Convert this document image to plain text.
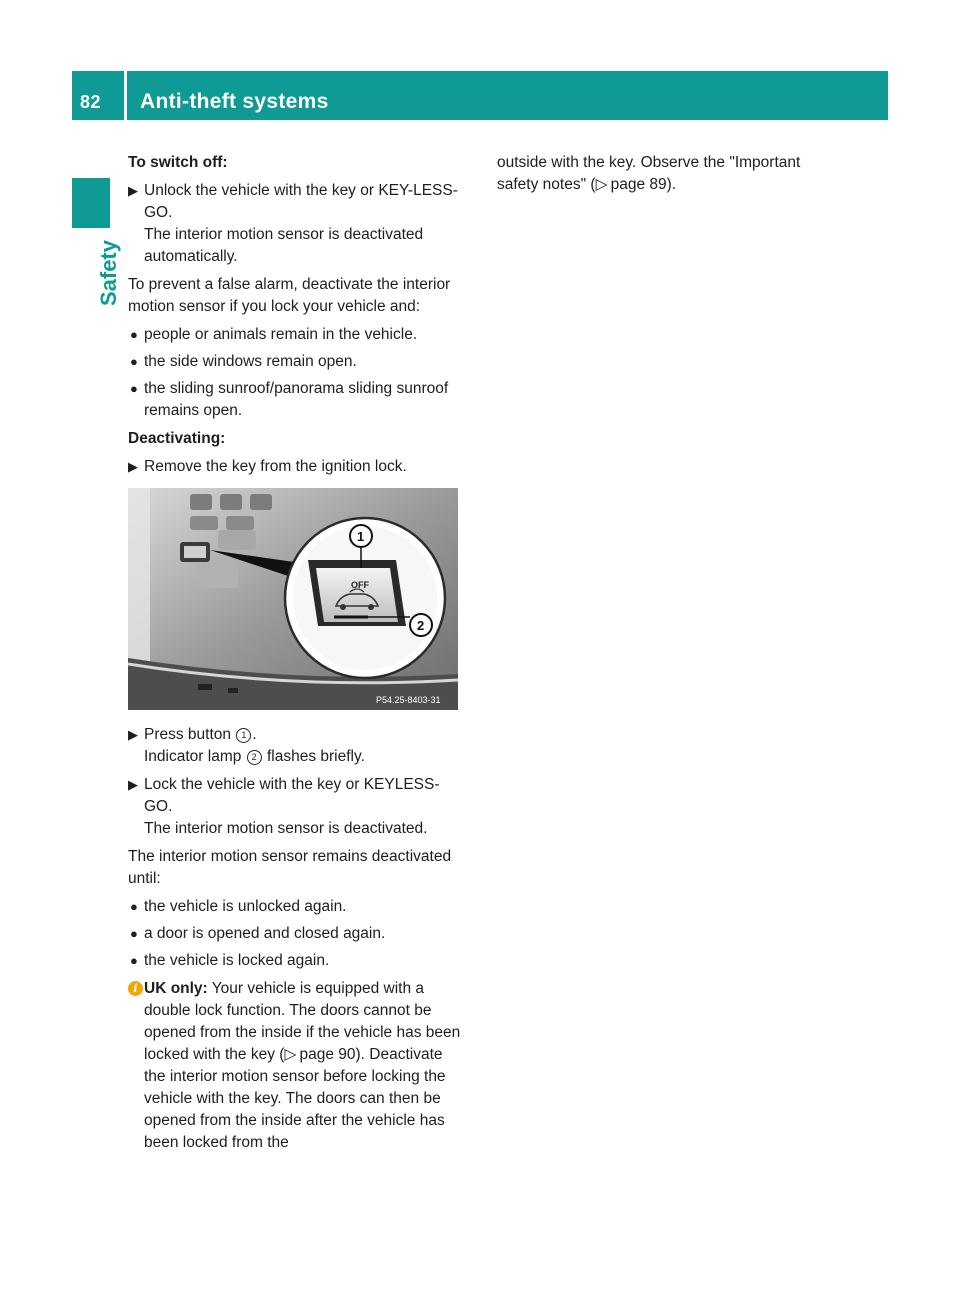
82 Anti-theft systems
Safety

To switch off:

▶ Unlock the vehicle with the key or KEY-LESS-GO.
The interior motion sensor is deactivated automatically.

To prevent a false alarm, deactivate the interior motion sensor if you lock your vehicle and:

● people or animals remain in the vehicle.
● the side windows remain open.
● the sliding sunroof/panorama sliding sunroof remains open.

Deactivating:

▶ Remove the key from the ignition lock.
OFF
1
2
P54.25-8403-31
▶ Press button 1 .
Indicator lamp 2 flashes briefly.
▶ Lock the vehicle with the key or KEYLESS-GO.
The interior motion sensor is deactivated.

The interior motion sensor remains deactivated until:

● the vehicle is unlocked again.
● a door is opened and closed again.
● the vehicle is locked again.
i UK only: Your vehicle is equipped with a double lock function. The doors cannot be opened from the inside if the vehicle has been locked with the key (▷ page 90). Deactivate the interior motion sensor before locking the vehicle with the key. The doors can then be opened from the inside after the vehicle has been locked from the

outside with the key. Observe the "Important safety notes" (▷ page 89).
